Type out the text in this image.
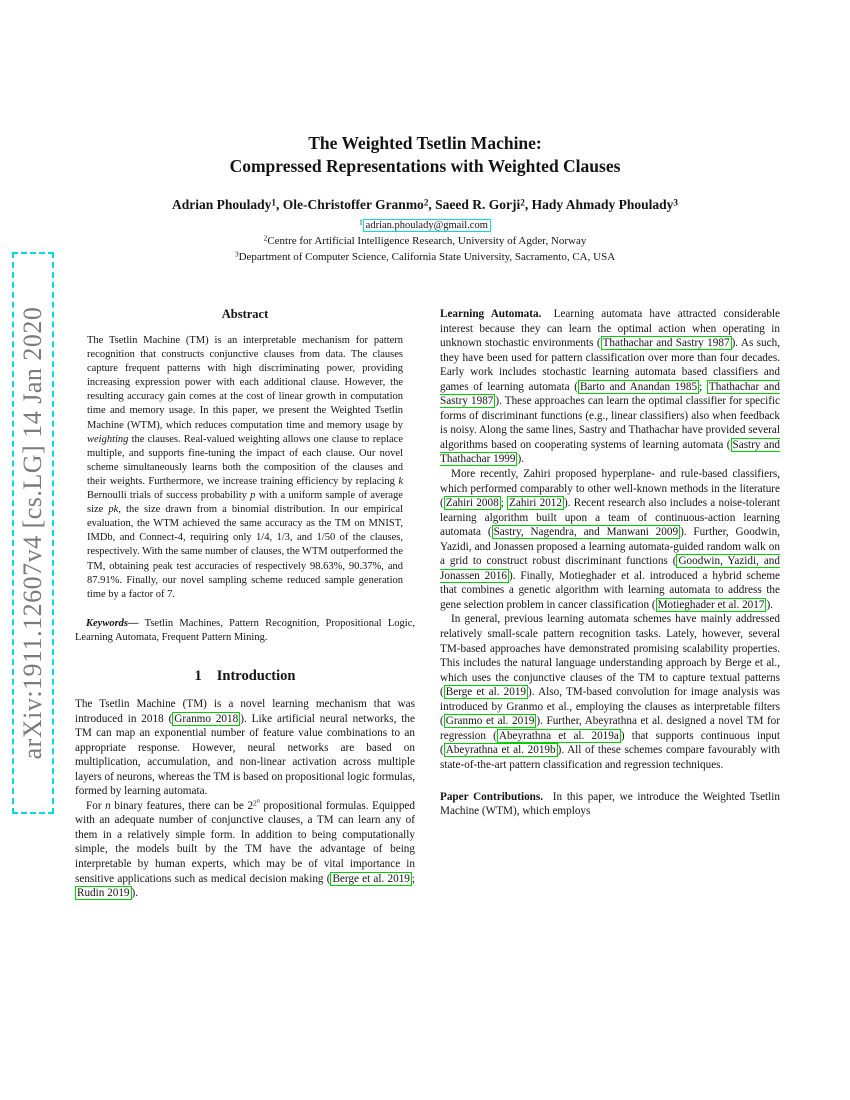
arXiv:1911.12607v4 [cs.LG] 14 Jan 2020
The Weighted Tsetlin Machine:
Compressed Representations with Weighted Clauses
Adrian Phoulady$^1$, Ole-Christoffer Granmo$^2$, Saeed R. Gorji$^2$, Hady Ahmady Phoulady$^3$
$^1$ adrian.phoulady@gmail.com
$^2$Centre for Artificial Intelligence Research, University of Agder, Norway
$^3$Department of Computer Science, California State University, Sacramento, CA, USA
Abstract

The Tsetlin Machine (TM) is an interpretable mechanism for pattern recognition that constructs conjunctive clauses from data. The clauses capture frequent patterns with high discriminating power, providing increasing expression power with each additional clause. However, the resulting accuracy gain comes at the cost of linear growth in computation time and memory usage. In this paper, we present the Weighted Tsetlin Machine (WTM), which reduces computation time and memory usage by weighting the clauses. Real-valued weighting allows one clause to replace multiple, and supports fine-tuning the impact of each clause. Our novel scheme simultaneously learns both the composition of the clauses and their weights. Furthermore, we increase training efficiency by replacing k Bernoulli trials of success probability p with a uniform sample of average size pk, the size drawn from a binomial distribution. In our empirical evaluation, the WTM achieved the same accuracy as the TM on MNIST, IMDb, and Connect-4, requiring only 1/4, 1/3, and 1/50 of the clauses, respectively. With the same number of clauses, the WTM outperformed the TM, obtaining peak test accuracies of respectively 98.63%, 90.37%, and 87.91%. Finally, our novel sampling scheme reduced sample generation time by a factor of 7.

Keywords— Tsetlin Machines, Pattern Recognition, Propositional Logic, Learning Automata, Frequent Pattern Mining.

1 Introduction

The Tsetlin Machine (TM) is a novel learning mechanism that was introduced in 2018 ( Granmo 2018 ). Like artificial neural networks, the TM can map an exponential number of feature value combinations to an appropriate response. However, neural networks are based on multiplication, accumulation, and non-linear activation across multiple layers of neurons, whereas the TM is based on propositional logic formulas, formed by learning automata.

For n binary features, there can be $2^{2n}$ propositional formulas. Equipped with an adequate number of conjunctive clauses, a TM can learn any of them in a relatively simple form. In addition to being computationally simple, the models built by the TM have the advantage of being interpretable by human experts, which may be of vital importance in sensitive applications such as medical decision making ( Berge et al. 2019 ; Rudin 2019 ).

Learning Automata. Learning automata have attracted considerable interest because they can learn the optimal action when operating in unknown stochastic environments ( Thathachar and Sastry 1987 ). As such, they have been used for pattern classification over more than four decades. Early work includes stochastic learning automata based classifiers and games of learning automata ( Barto and Anandan 1985 ; Thathachar and Sastry 1987 ). These approaches can learn the optimal classifier for specific forms of discriminant functions (e.g., linear classifiers) also when feedback is noisy. Along the same lines, Sastry and Thathachar have provided several algorithms based on cooperating systems of learning automata ( Sastry and Thathachar 1999 ).

More recently, Zahiri proposed hyperplane- and rule-based classifiers, which performed comparably to other well-known methods in the literature ( Zahiri 2008 ; Zahiri 2012 ). Recent research also includes a noise-tolerant learning algorithm built upon a team of continuous-action learning automata ( Sastry, Nagendra, and Manwani 2009 ). Further, Goodwin, Yazidi, and Jonassen proposed a learning automata-guided random walk on a grid to construct robust discriminant functions ( Goodwin, Yazidi, and Jonassen 2016 ). Finally, Motieghader et al. introduced a hybrid scheme that combines a genetic algorithm with learning automata to address the gene selection problem in cancer classification ( Motieghader et al. 2017 ).

In general, previous learning automata schemes have mainly addressed relatively small-scale pattern recognition tasks. Lately, however, several TM-based approaches have demonstrated promising scalability properties. This includes the natural language understanding approach by Berge et al., which uses the conjunctive clauses of the TM to capture textual patterns ( Berge et al. 2019 ). Also, TM-based convolution for image analysis was introduced by Granmo et al., employing the clauses as interpretable filters ( Granmo et al. 2019 ). Further, Abeyrathna et al. designed a novel TM for regression ( Abeyrathna et al. 2019a ) that supports continuous input ( Abeyrathna et al. 2019b ). All of these schemes compare favourably with state-of-the-art pattern classification and regression techniques.

Paper Contributions. In this paper, we introduce the Weighted Tsetlin Machine (WTM), which employs
